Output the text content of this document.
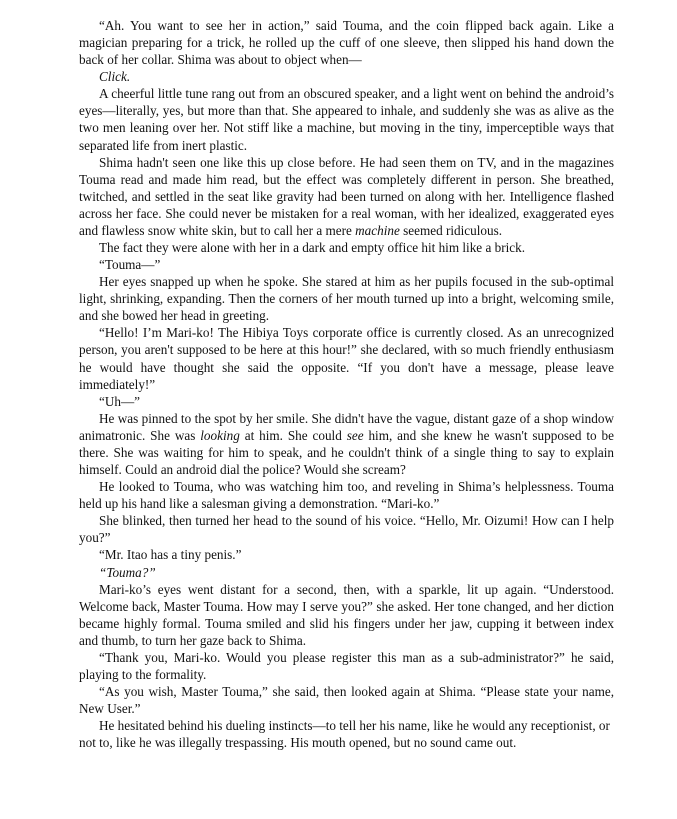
“Ah. You want to see her in action,” said Touma, and the coin flipped back again. Like a magician preparing for a trick, he rolled up the cuff of one sleeve, then slipped his hand down the back of her collar. Shima was about to object when—

Click.

A cheerful little tune rang out from an obscured speaker, and a light went on behind the android’s eyes—literally, yes, but more than that. She appeared to inhale, and suddenly she was as alive as the two men leaning over her. Not stiff like a machine, but moving in the tiny, imperceptible ways that separated life from inert plastic.

Shima hadn't seen one like this up close before. He had seen them on TV, and in the magazines Touma read and made him read, but the effect was completely different in person. She breathed, twitched, and settled in the seat like gravity had been turned on along with her. Intelligence flashed across her face. She could never be mistaken for a real woman, with her idealized, exaggerated eyes and flawless snow white skin, but to call her a mere machine seemed ridiculous.

The fact they were alone with her in a dark and empty office hit him like a brick.

“Touma—”

Her eyes snapped up when he spoke. She stared at him as her pupils focused in the sub-optimal light, shrinking, expanding. Then the corners of her mouth turned up into a bright, welcoming smile, and she bowed her head in greeting.

“Hello! I’m Mari-ko! The Hibiya Toys corporate office is currently closed. As an unrecognized person, you aren't supposed to be here at this hour!” she declared, with so much friendly enthusiasm he would have thought she said the opposite. “If you don't have a message, please leave immediately!”

“Uh—”

He was pinned to the spot by her smile. She didn't have the vague, distant gaze of a shop window animatronic. She was looking at him. She could see him, and she knew he wasn't supposed to be there. She was waiting for him to speak, and he couldn't think of a single thing to say to explain himself. Could an android dial the police? Would she scream?

He looked to Touma, who was watching him too, and reveling in Shima’s helplessness. Touma held up his hand like a salesman giving a demonstration. “Mari-ko.”

She blinked, then turned her head to the sound of his voice. “Hello, Mr. Oizumi! How can I help you?”

“Mr. Itao has a tiny penis.”

“Touma?”

Mari-ko’s eyes went distant for a second, then, with a sparkle, lit up again. “Understood. Welcome back, Master Touma. How may I serve you?” she asked. Her tone changed, and her diction became highly formal. Touma smiled and slid his fingers under her jaw, cupping it between index and thumb, to turn her gaze back to Shima.

“Thank you, Mari-ko. Would you please register this man as a sub-administrator?” he said, playing to the formality.

“As you wish, Master Touma,” she said, then looked again at Shima. “Please state your name, New User.”

He hesitated behind his dueling instincts—to tell her his name, like he would any receptionist, or not to, like he was illegally trespassing. His mouth opened, but no sound came out.
